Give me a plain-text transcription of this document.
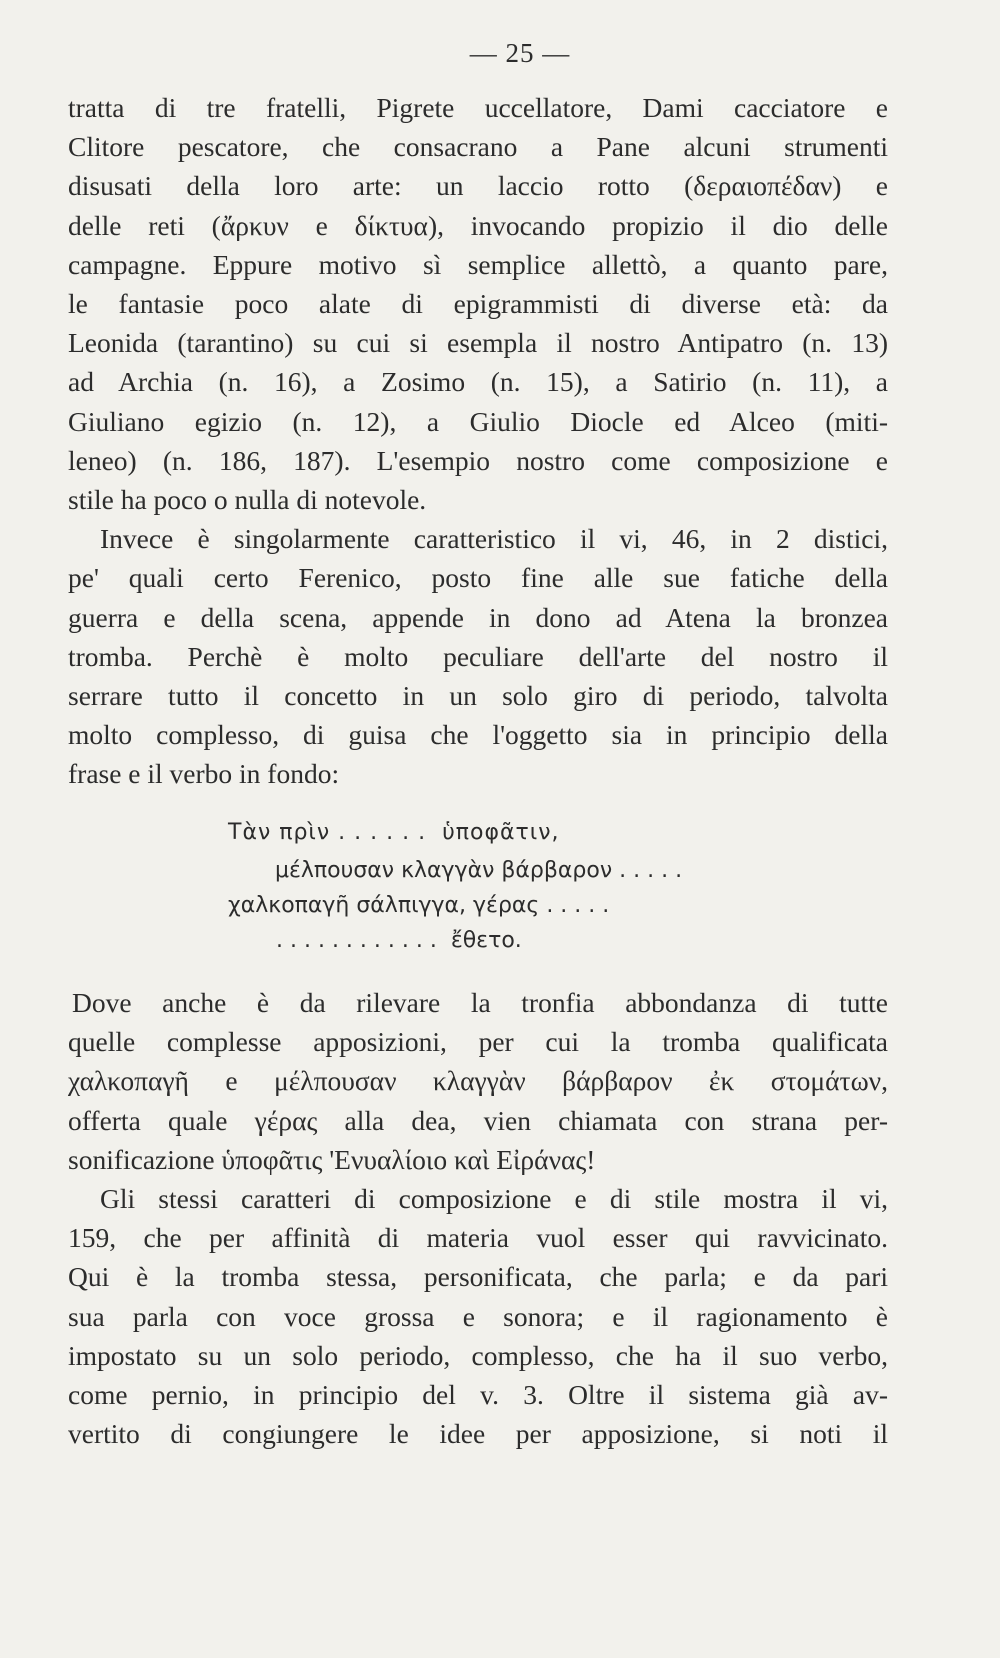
— 25 —
tratta di tre fratelli, Pigrete uccellatore, Dami cacciatore e
Clitore pescatore, che consacrano a Pane alcuni strumenti
disusati della loro arte: un laccio rotto (δεραιοπέδαν) e
delle reti (ἄρκυν e δίκτυα), invocando propizio il dio delle
campagne. Eppure motivo sì semplice allettò, a quanto pare,
le fantasie poco alate di epigrammisti di diverse età: da
Leonida (tarantino) su cui si esempla il nostro Antipatro (n. 13)
ad Archia (n. 16), a Zosimo (n. 15), a Satirio (n. 11), a
Giuliano egizio (n. 12), a Giulio Diocle ed Alceo (miti-
leneo) (n. 186, 187). L'esempio nostro come composizione e
stile ha poco o nulla di notevole.
Invece è singolarmente caratteristico il vi, 46, in 2 distici,
pe' quali certo Ferenico, posto fine alle sue fatiche della
guerra e della scena, appende in dono ad Atena la bronzea
tromba. Perchè è molto peculiare dell'arte del nostro il
serrare tutto il concetto in un solo giro di periodo, talvolta
molto complesso, di guisa che l'oggetto sia in principio della
frase e il verbo in fondo:
Τὰν πρὶν . . . . . .  ὑποφᾶτιν,
μέλπουσαν κλαγγὰν βάρβαρον . . . . .
χαλκοπαγῆ σάλπιγγα, γέρας . . . . .
. . . . . . . . . . . .  ἔθετο.
Dove anche è da rilevare la tronfia abbondanza di tutte
quelle complesse apposizioni, per cui la tromba qualificata
χαλκοπαγῆ e μέλπουσαν κλαγγὰν βάρβαρον ἐκ στομάτων,
offerta quale γέρας alla dea, vien chiamata con strana per-
sonificazione ὑποφᾶτις 'Ενυαλίοιο καὶ Εἰράνας!
Gli stessi caratteri di composizione e di stile mostra il vi,
159, che per affinità di materia vuol esser qui ravvicinato.
Qui è la tromba stessa, personificata, che parla; e da pari
sua parla con voce grossa e sonora; e il ragionamento è
impostato su un solo periodo, complesso, che ha il suo verbo,
come pernio, in principio del v. 3. Oltre il sistema già av-
vertito di congiungere le idee per apposizione, si noti il
